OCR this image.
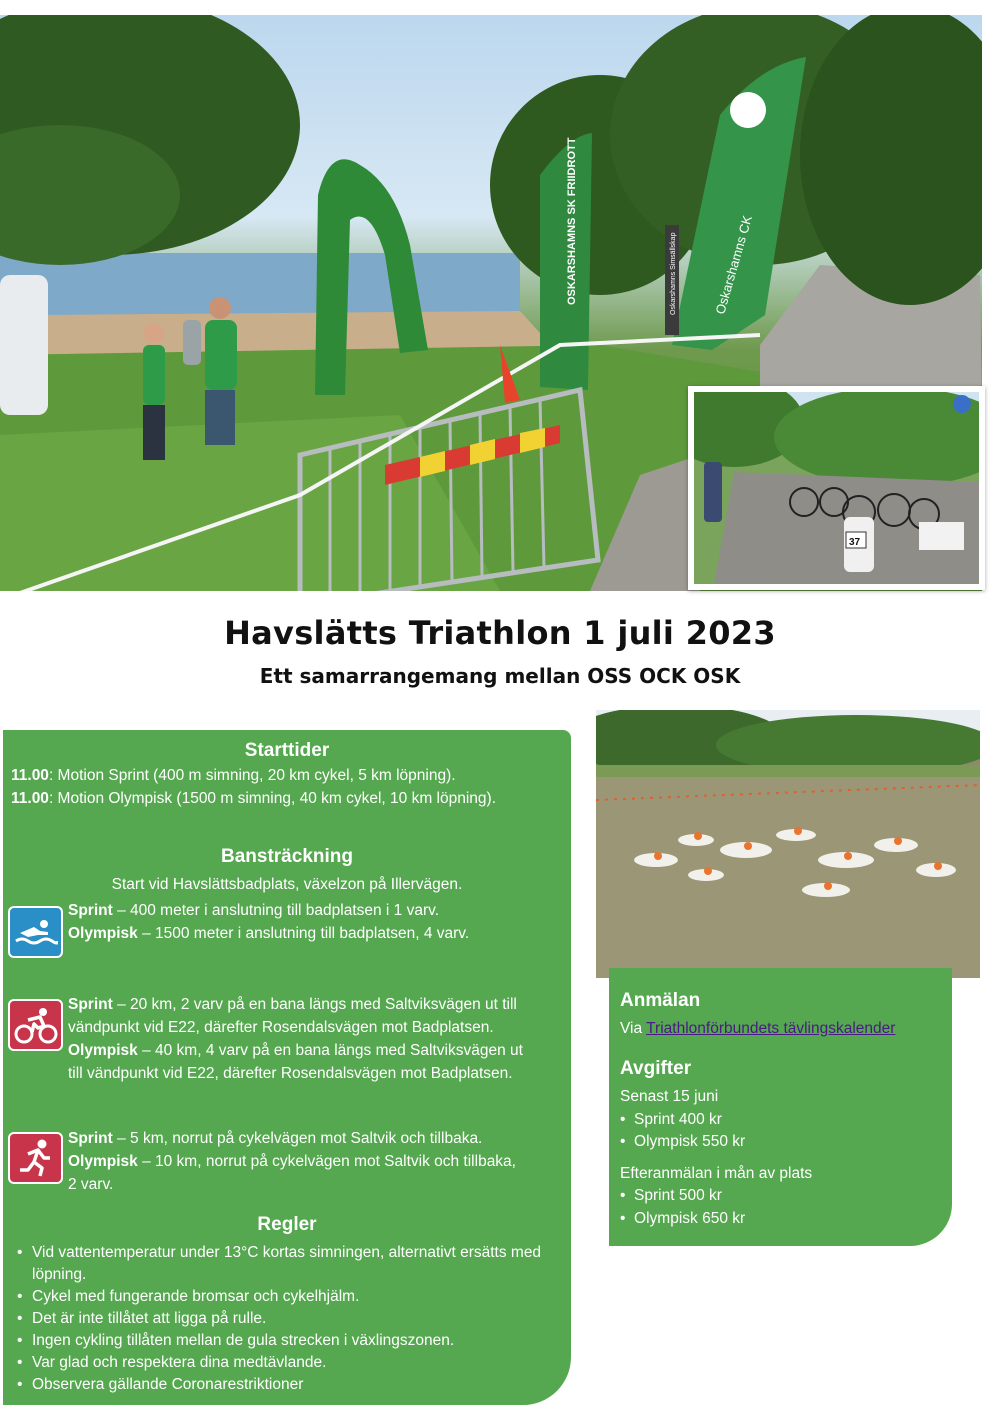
OSKARSHAMNS SK FRIIDROTT	Oskarshamns CK
Oskarshamns Simsällskap
37
Havslätts Triathlon 1 juli 2023
Ett samarrangemang mellan OSS OCK OSK
Starttider
11.00: Motion Sprint (400 m simning, 20 km cykel, 5 km löpning).
11.00: Motion Olympisk (1500 m simning, 40 km cykel, 10 km löpning).
Bansträckning
Start vid Havslättsbadplats, växelzon på Illervägen.
Sprint – 400 meter i anslutning till badplatsen i 1 varv.
Olympisk – 1500 meter i anslutning till badplatsen, 4 varv.
Sprint – 20 km, 2 varv på en bana längs med Saltviksvägen ut till
vändpunkt vid E22, därefter Rosendalsvägen mot Badplatsen.
Olympisk – 40 km, 4 varv på en bana längs med Saltviksvägen ut
till vändpunkt vid E22, därefter Rosendalsvägen mot Badplatsen.
Sprint – 5 km, norrut på cykelvägen mot Saltvik och tillbaka.
Olympisk – 10 km, norrut på cykelvägen mot Saltvik och tillbaka,
2 varv.
Regler
• Vid vattentemperatur under 13°C kortas simningen, alternativt ersätts med löpning.
• Cykel med fungerande bromsar och cykelhjälm.
• Det är inte tillåtet att ligga på rulle.
• Ingen cykling tillåten mellan de gula strecken i växlingszonen.
• Var glad och respektera dina medtävlande.
• Observera gällande Coronarestriktioner
Anmälan
Via Triathlonförbundets tävlingskalender
Avgifter
Senast 15 juni
•  Sprint 400 kr
•  Olympisk 550 kr
Efteranmälan i mån av plats
•  Sprint 500 kr
•  Olympisk 650 kr
